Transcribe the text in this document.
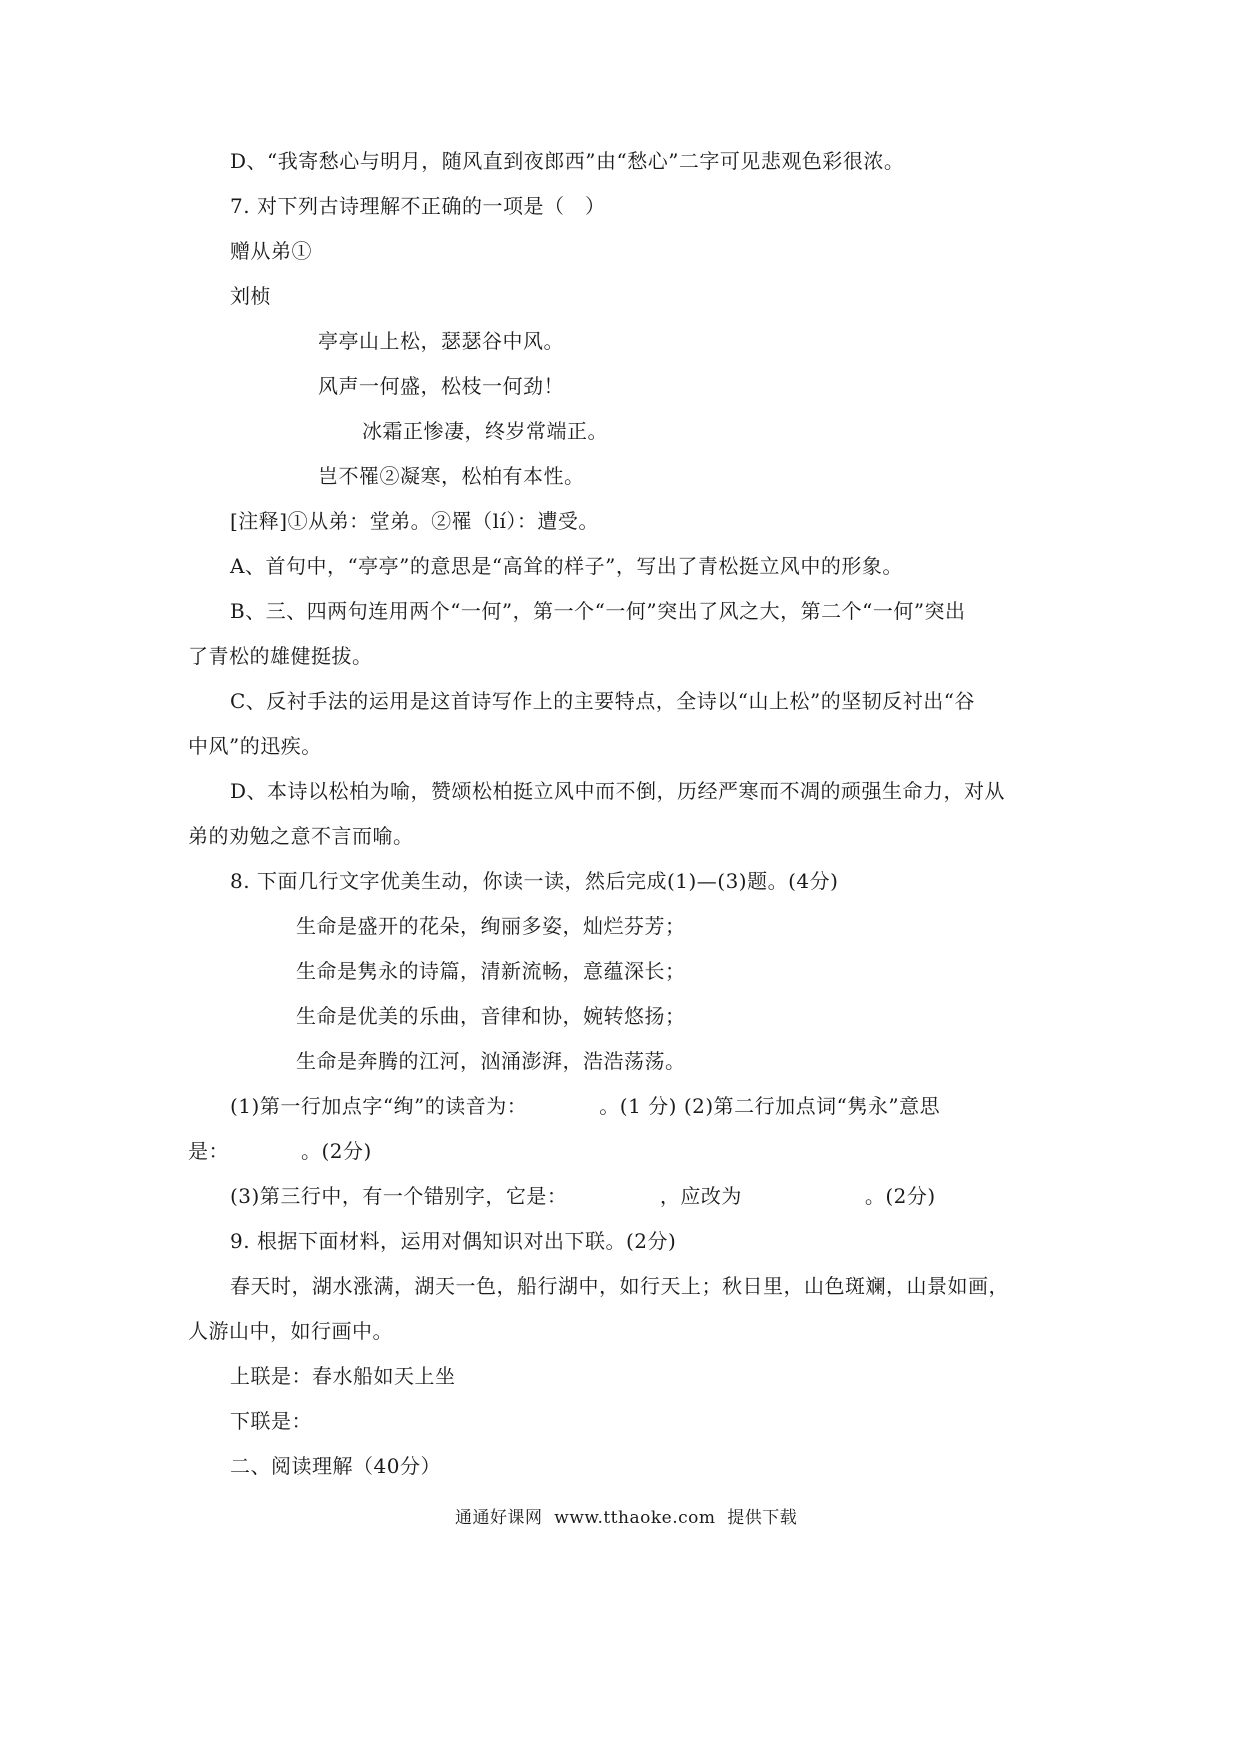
D、“我寄愁心与明月，随风直到夜郎西”由“愁心”二字可见悲观色彩很浓。
7. 对下列古诗理解不正确的一项是（　）
赠从弟①
刘桢
亭亭山上松，瑟瑟谷中风。
风声一何盛，松枝一何劲！
冰霜正惨凄，终岁常端正。
岂不罹②凝寒，松柏有本性。
[注释]①从弟：堂弟。②罹（lí）：遭受。
A、首句中，“亭亭”的意思是“高耸的样子”，写出了青松挺立风中的形象。
B、三、四两句连用两个“一何”，第一个“一何”突出了风之大，第二个“一何”突出
了青松的雄健挺拔。
C、反衬手法的运用是这首诗写作上的主要特点，全诗以“山上松”的坚韧反衬出“谷
中风”的迅疾。
D、本诗以松柏为喻，赞颂松柏挺立风中而不倒，历经严寒而不凋的顽强生命力，对从
弟的劝勉之意不言而喻。
8. 下面几行文字优美生动，你读一读，然后完成(1)—(3)题。(4分)
生命是盛开的花朵，绚丽多姿，灿烂芬芳；
生命是隽永的诗篇，清新流畅，意蕴深长；
生命是优美的乐曲，音律和协，婉转悠扬；
生命是奔腾的江河，汹涌澎湃，浩浩荡荡。
(1)第一行加点字“绚”的读音为：　　　　。(1 分) (2)第二行加点词“隽永”意思
是：　　　　。(2分)
(3)第三行中，有一个错别字，它是：　　　　　，应改为　　　　　　。(2分)
9. 根据下面材料，运用对偶知识对出下联。(2分)
春天时，湖水涨满，湖天一色，船行湖中，如行天上；秋日里，山色斑斓，山景如画，
人游山中，如行画中。
上联是：春水船如天上坐
下联是：
二、阅读理解（40分）
通通好课网  www.tthaoke.com  提供下载
